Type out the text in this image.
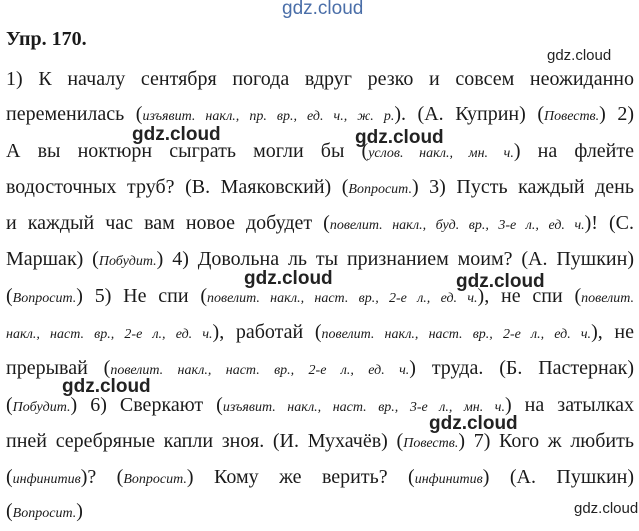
gdz.cloud
Упр. 170.
1) К началу сентября погода вдруг резко и совсем неожиданно
переменилась (изъявит. накл., пр. вр., ед. ч., ж. р.). (А. Куприн) (Повеств.) 2)
А вы ноктюрн сыграть могли бы (услов. накл., мн. ч.) на флейте
водосточных труб? (В. Маяковский) (Вопросит.) 3) Пусть каждый день
и каждый час вам новое добудет (повелит. накл., буд. вр., 3-е л., ед. ч.)! (С.
Маршак) (Побудит.) 4) Довольна ль ты признанием моим? (А. Пушкин)
(Вопросит.) 5) Не спи (повелит. накл., наст. вр., 2-е л., ед. ч.), не спи (повелит.
накл., наст. вр., 2-е л., ед. ч.), работай (повелит. накл., наст. вр., 2-е л., ед. ч.), не
прерывай (повелит. накл., наст. вр., 2-е л., ед. ч.) труда. (Б. Пастернак)
(Побудит.) 6) Сверкают (изъявит. накл., наст. вр., 3-е л., мн. ч.) на затылках
пней серебряные капли зноя. (И. Мухачёв) (Повеств.) 7) Кого ж любить
(инфинитив)? (Вопросит.) Кому же верить? (инфинитив) (А. Пушкин)
(Вопросит.)
gdz.cloud
gdz.cloud	gdz.cloud
gdz.cloud	gdz.cloud
gdz.cloud
gdz.cloud
gdz.cloud
